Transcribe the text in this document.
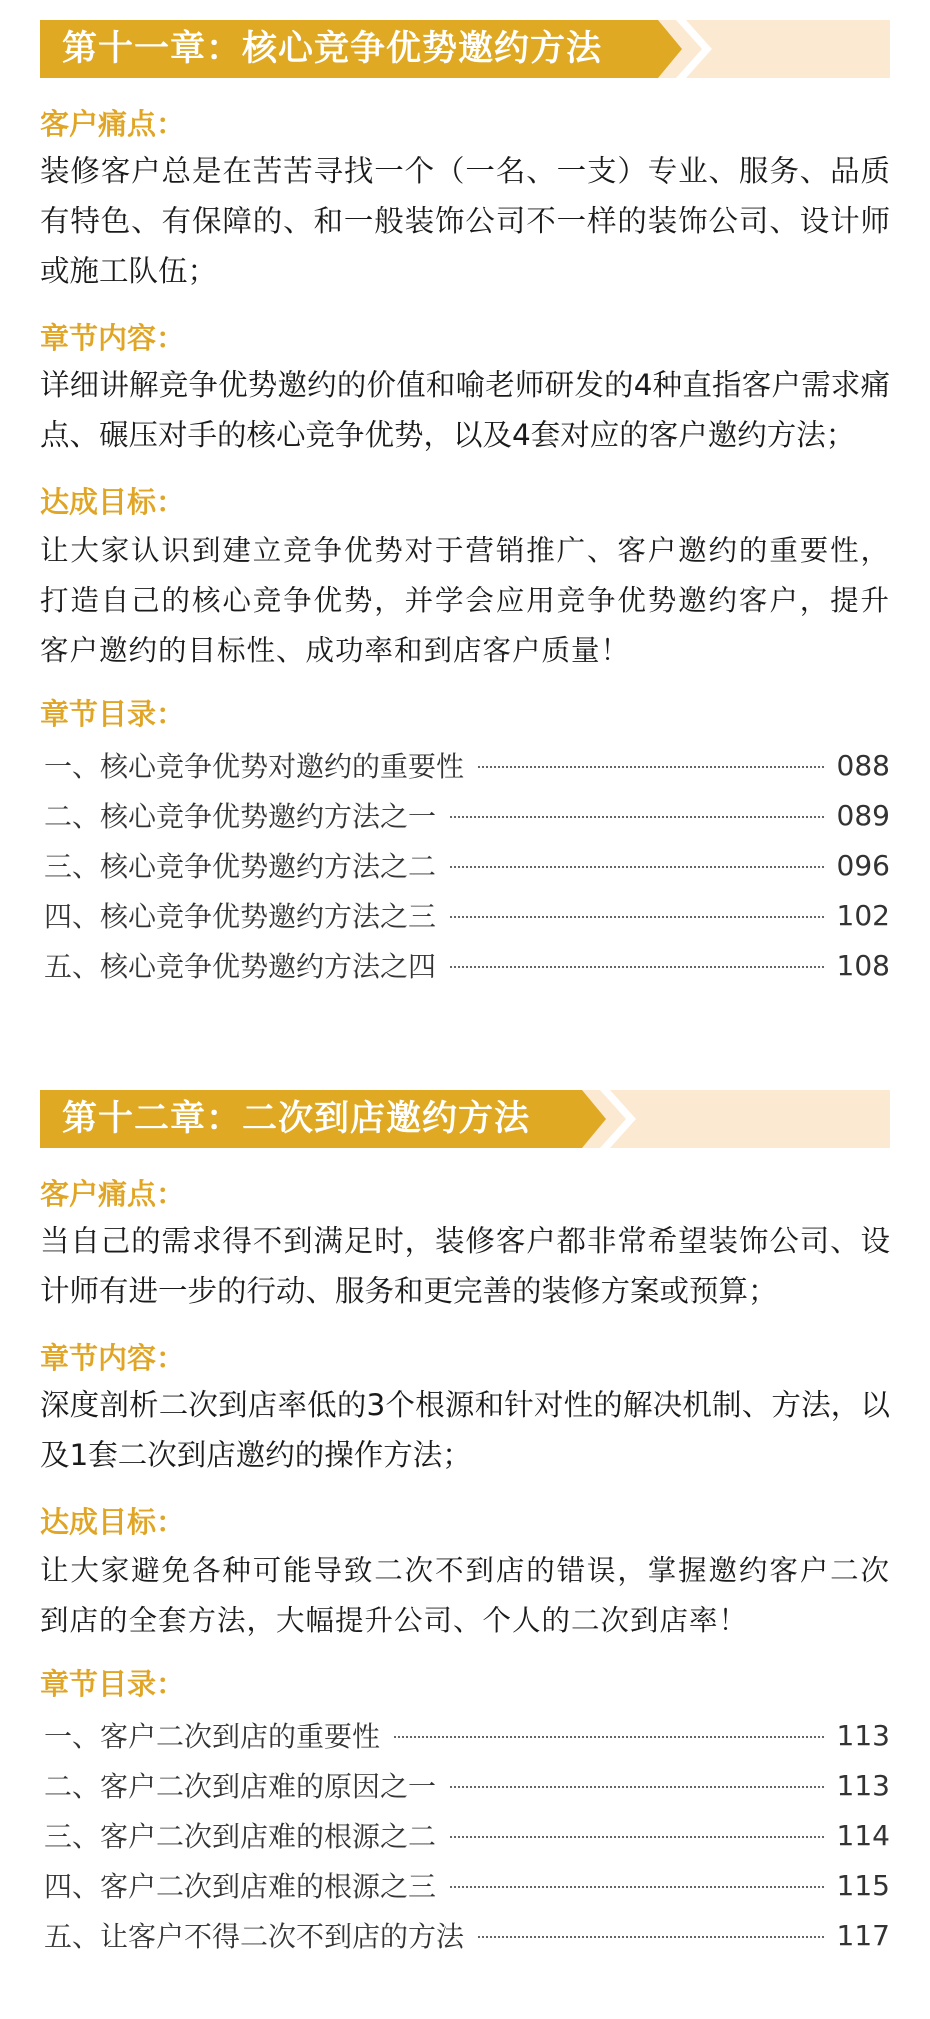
第十一章：核心竞争优势邀约方法

客户痛点：

装修客户总是在苦苦寻找一个（一名、一支）专业、服务、品质有特色、有保障的、和一般装饰公司不一样的装饰公司、设计师或施工队伍；

章节内容：

详细讲解竞争优势邀约的价值和喻老师研发的4种直指客户需求痛点、碾压对手的核心竞争优势，以及4套对应的客户邀约方法；

达成目标：

让大家认识到建立竞争优势对于营销推广、客户邀约的重要性，打造自己的核心竞争优势，并学会应用竞争优势邀约客户，提升客户邀约的目标性、成功率和到店客户质量！

章节目录：

一、核心竞争优势对邀约的重要性	088
二、核心竞争优势邀约方法之一	089
三、核心竞争优势邀约方法之二	096
四、核心竞争优势邀约方法之三	102
五、核心竞争优势邀约方法之四	108
第十二章：二次到店邀约方法

客户痛点：

当自己的需求得不到满足时，装修客户都非常希望装饰公司、设计师有进一步的行动、服务和更完善的装修方案或预算；

章节内容：

深度剖析二次到店率低的3个根源和针对性的解决机制、方法，以及1套二次到店邀约的操作方法；

达成目标：

让大家避免各种可能导致二次不到店的错误，掌握邀约客户二次到店的全套方法，大幅提升公司、个人的二次到店率！

章节目录：

一、客户二次到店的重要性	113
二、客户二次到店难的原因之一	113
三、客户二次到店难的根源之二	114
四、客户二次到店难的根源之三	115
五、让客户不得二次不到店的方法	117
